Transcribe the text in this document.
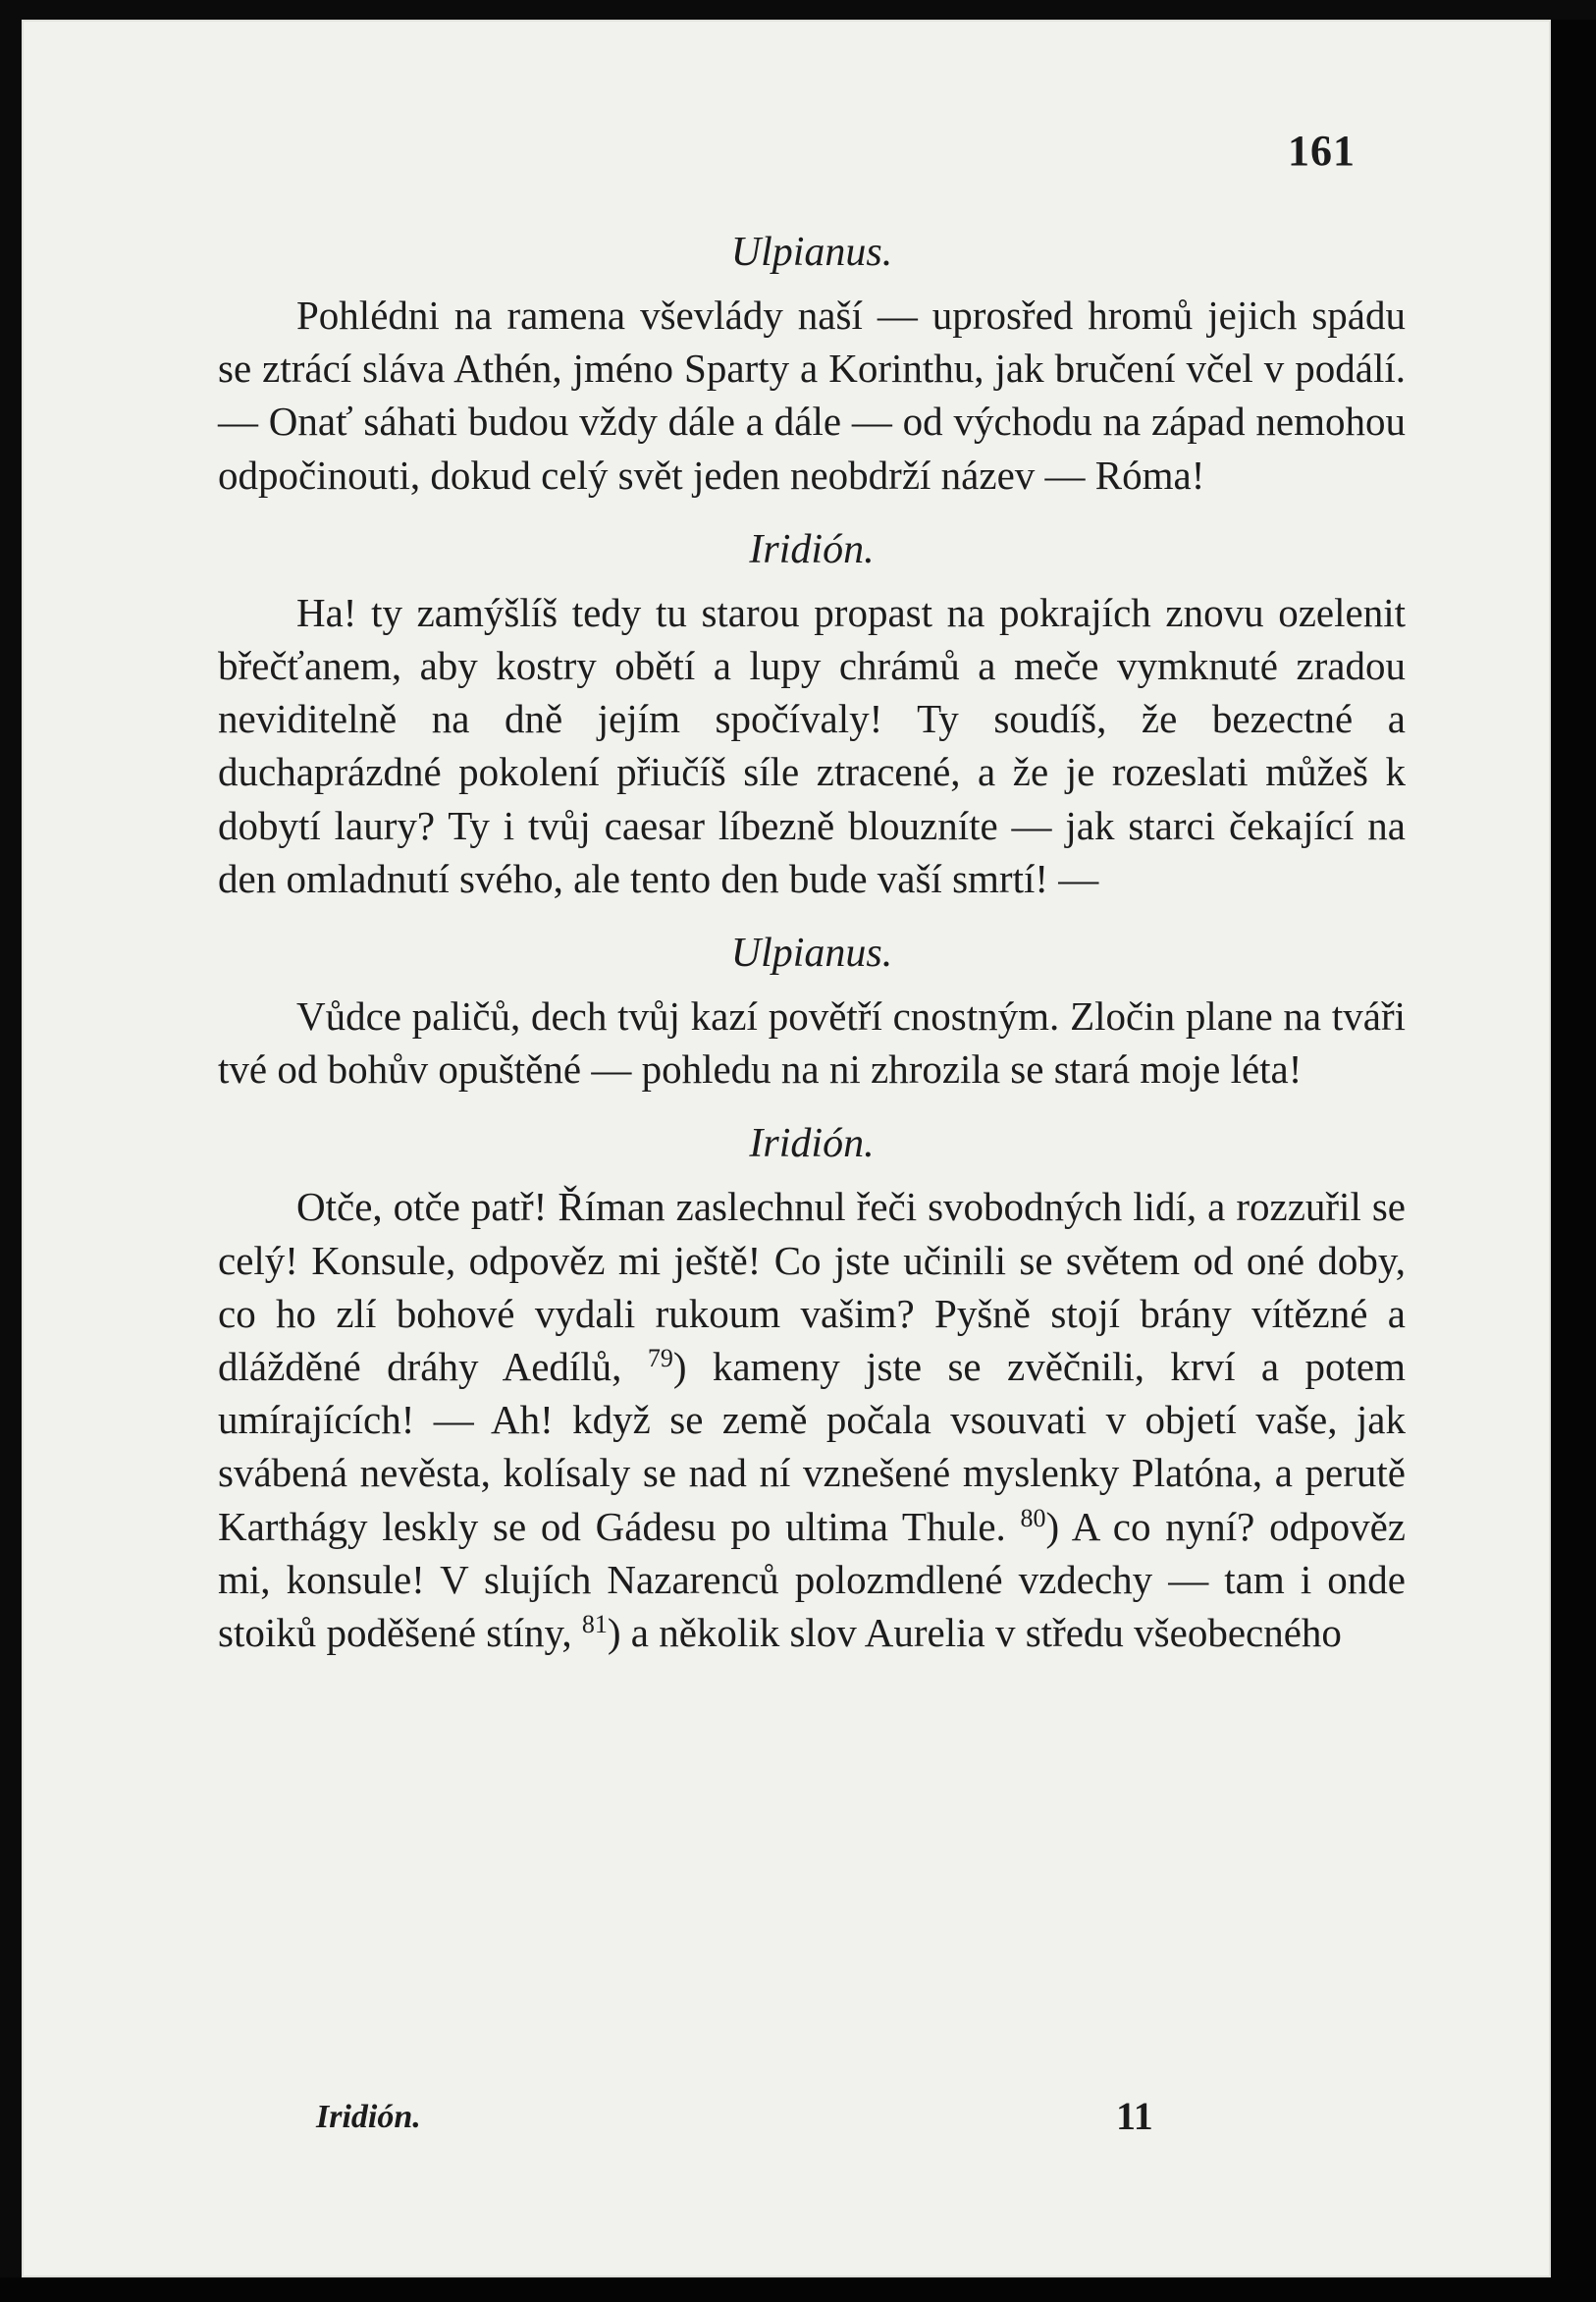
161

Ulpianus.

Pohlédni na ramena vševlády naší — uprosřed hromů jejich spádu se ztrácí sláva Athén, jméno Sparty a Korinthu, jak bručení včel v podálí. — Onať sáhati budou vždy dále a dále — od východu na západ nemohou odpočinouti, dokud celý svět jeden neobdrží název — Róma!

Iridión.

Ha! ty zamýšlíš tedy tu starou propast na pokrajích znovu ozelenit břečťanem, aby kostry obětí a lupy chrámů a meče vymknuté zradou neviditelně na dně jejím spočívaly! Ty soudíš, že bezectné a duchaprázdné pokolení přiučíš síle ztracené, a že je rozeslati můžeš k dobytí laury? Ty i tvůj caesar líbezně blouzníte — jak starci čekající na den omladnutí svého, ale tento den bude vaší smrtí! —

Ulpianus.

Vůdce paličů, dech tvůj kazí povětří cnostným. Zločin plane na tváři tvé od bohův opuštěné — pohledu na ni zhrozila se stará moje léta!

Iridión.

Otče, otče patř! Říman zaslechnul řeči svobodných lidí, a rozzuřil se celý! Konsule, odpověz mi ještě! Co jste učinili se světem od oné doby, co ho zlí bohové vydali rukoum vašim? Pyšně stojí brány vítězné a dlážděné dráhy Aedílů, $^{79}$) kameny jste se zvěčnili, krví a potem umírajících! — Ah! když se země počala vsouvati v objetí vaše, jak svábená nevěsta, kolísaly se nad ní vznešené myslenky Platóna, a perutě Karthágy leskly se od Gádesu po ultima Thule. $^{80}$) A co nyní? odpověz mi, konsule! V slujích Nazarenců polozmdlené vzdechy — tam i onde stoiků poděšené stíny, $^{81}$) a několik slov Aurelia v středu všeobecného

Iridión.	11
